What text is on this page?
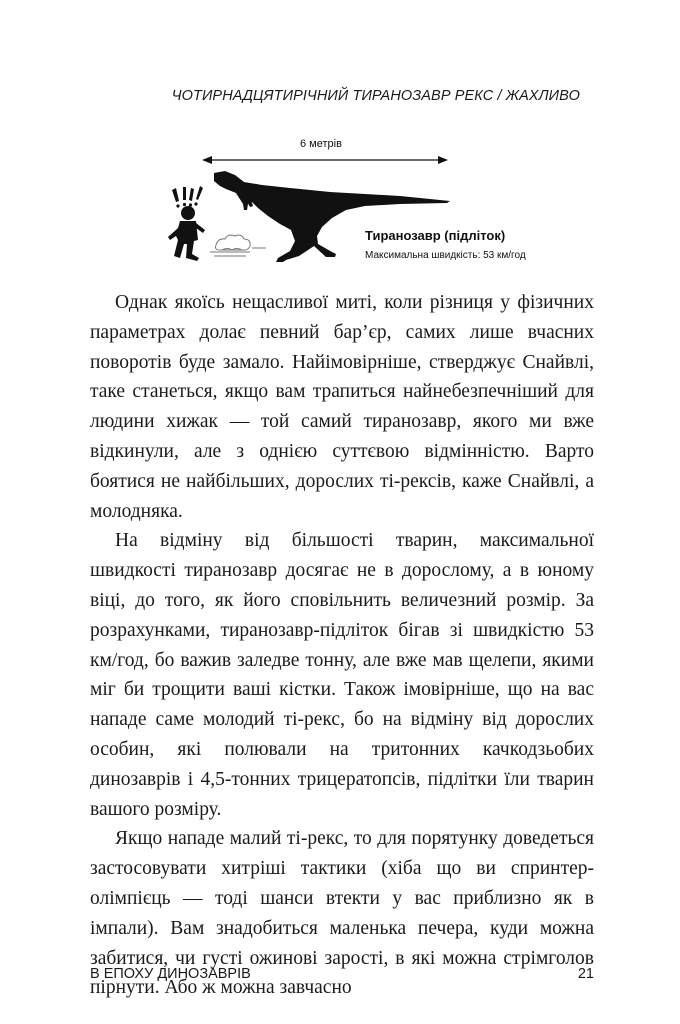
ЧОТИРНАДЦЯТИРІЧНИЙ ТИРАНОЗАВР РЕКС / ЖАХЛИВО
6 метрів
Тиранозавр (підліток)
Максимальна швидкість: 53 км/год

Однак якоїсь нещасливої миті, коли різниця у фізичних параметрах долає певний бар’єр, самих лише вчасних поворотів буде замало. Найімовірніше, стверджує Снайвлі, таке станеться, якщо вам трапиться найнебезпечніший для людини хижак — той самий тиранозавр, якого ми вже відкинули, але з однією суттєвою відмінністю. Варто боятися не найбільших, дорослих ті-рексів, каже Снайвлі, а молодняка.

На відміну від більшості тварин, максимальної швидкості тиранозавр досягає не в дорослому, а в юному віці, до того, як його сповільнить величезний розмір. За розрахунками, тиранозавр-підліток бігав зі швидкістю 53 км/год, бо важив заледве тонну, але вже мав щелепи, якими міг би трощити ваші кістки. Також імовірніше, що на вас нападе саме молодий ті-рекс, бо на відміну від дорослих особин, які полювали на тритонних качкодзьобих динозаврів і 4,5-тонних трицератопсів, підлітки їли тварин вашого розміру.

Якщо нападе малий ті-рекс, то для порятунку доведеться застосовувати хитріші тактики (хіба що ви спринтер-олімпієць — тоді шанси втекти у вас приблизно як в імпали). Вам знадобиться маленька печера, куди можна забитися, чи густі ожинові зарості, в які можна стрімголов пірнути. Або ж можна завчасно

В ЕПОХУ ДИНОЗАВРІВ	21
